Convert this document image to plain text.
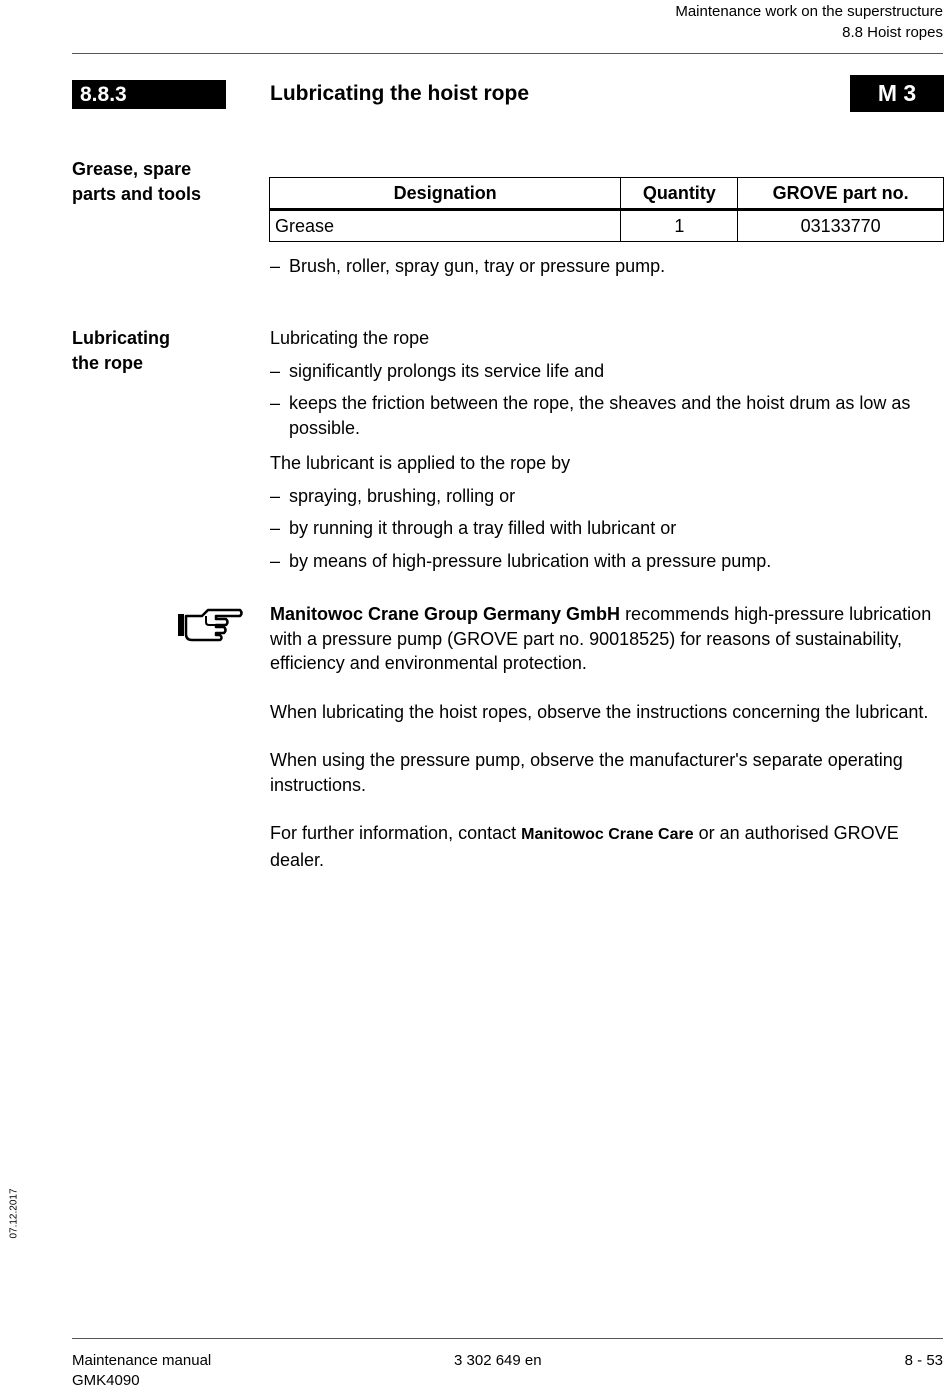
Maintenance work on the superstructure
8.8 Hoist ropes
8.8.3	Lubricating the hoist rope	M 3
Grease, spare
parts and tools	Designation	Quantity	GROVE part no.
Grease	1	03133770
– Brush, roller, spray gun, tray or pressure pump.
Lubricating
the rope
Lubricating the rope
– significantly prolongs its service life and
– keeps the friction between the rope, the sheaves and the hoist drum as low as possible.
The lubricant is applied to the rope by
– spraying, brushing, rolling or
– by running it through a tray filled with lubricant or
– by means of high-pressure lubrication with a pressure pump.
Manitowoc Crane Group Germany GmbH recommends high-pressure lubrication with a pressure pump (GROVE part no. 90018525) for reasons of sustainability, efficiency and environmental protection.
When lubricating the hoist ropes, observe the instructions concerning the lubricant.
When using the pressure pump, observe the manufacturer's separate operating instructions.
For further information, contact Manitowoc Crane Care or an authorised GROVE dealer.
07.12.2017
Maintenance manual
GMK4090
3 302 649 en	8 - 53
